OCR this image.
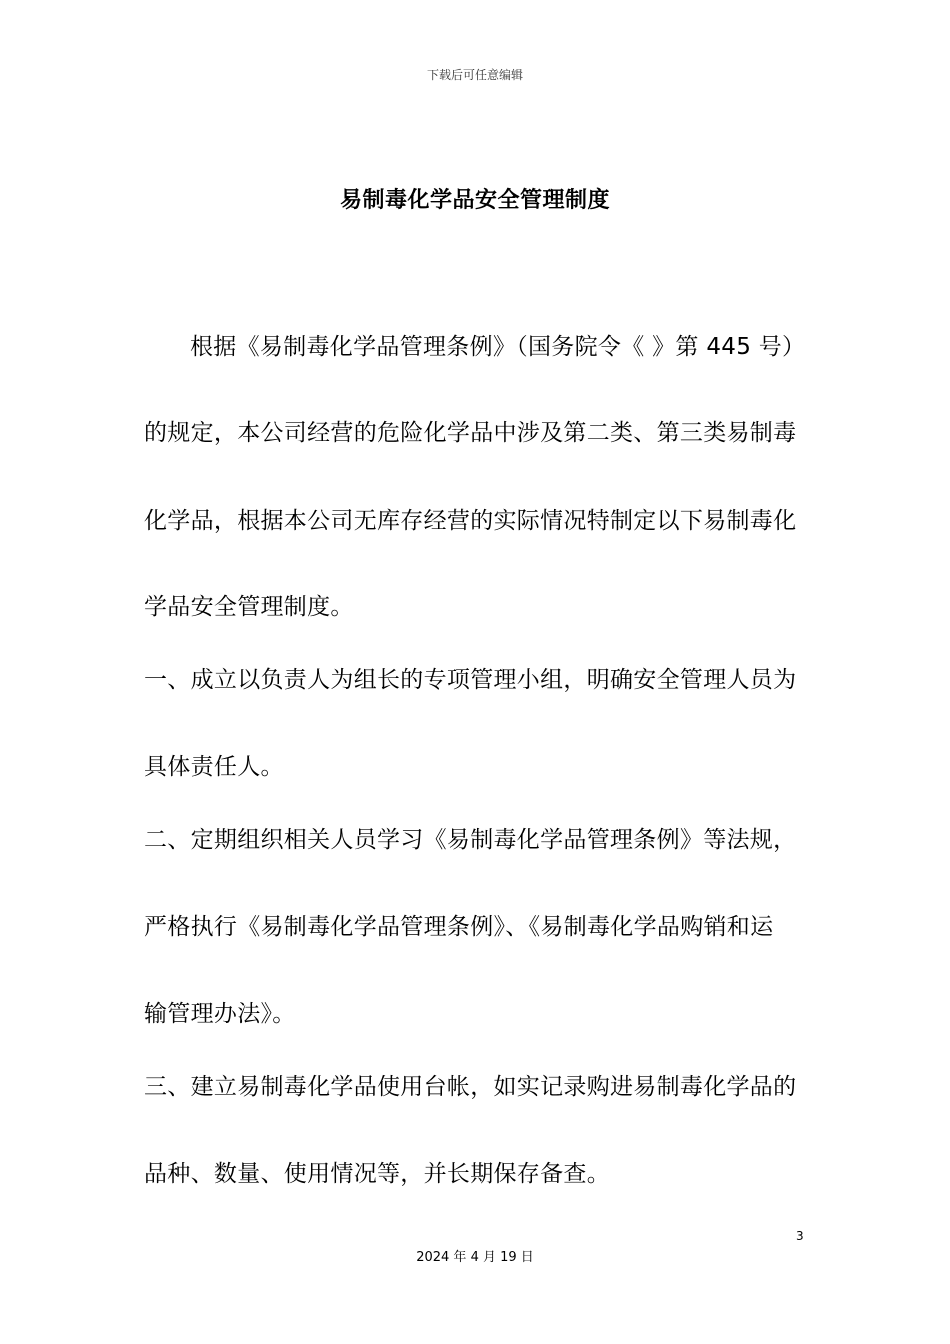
下载后可任意编辑
易制毒化学品安全管理制度
根据《易制毒化学品管理条例》（国务院令《 》第 445 号）
的规定，本公司经营的危险化学品中涉及第二类、第三类易制毒
化学品，根据本公司无库存经营的实际情况特制定以下易制毒化
学品安全管理制度。
一、成立以负责人为组长的专项管理小组，明确安全管理人员为
具体责任人。
二、定期组织相关人员学习《易制毒化学品管理条例》等法规，
严格执行《易制毒化学品管理条例》、《易制毒化学品购销和运
输管理办法》。
三、建立易制毒化学品使用台帐，如实记录购进易制毒化学品的
品种、数量、使用情况等，并长期保存备查。
3
2024 年 4 月 19 日
